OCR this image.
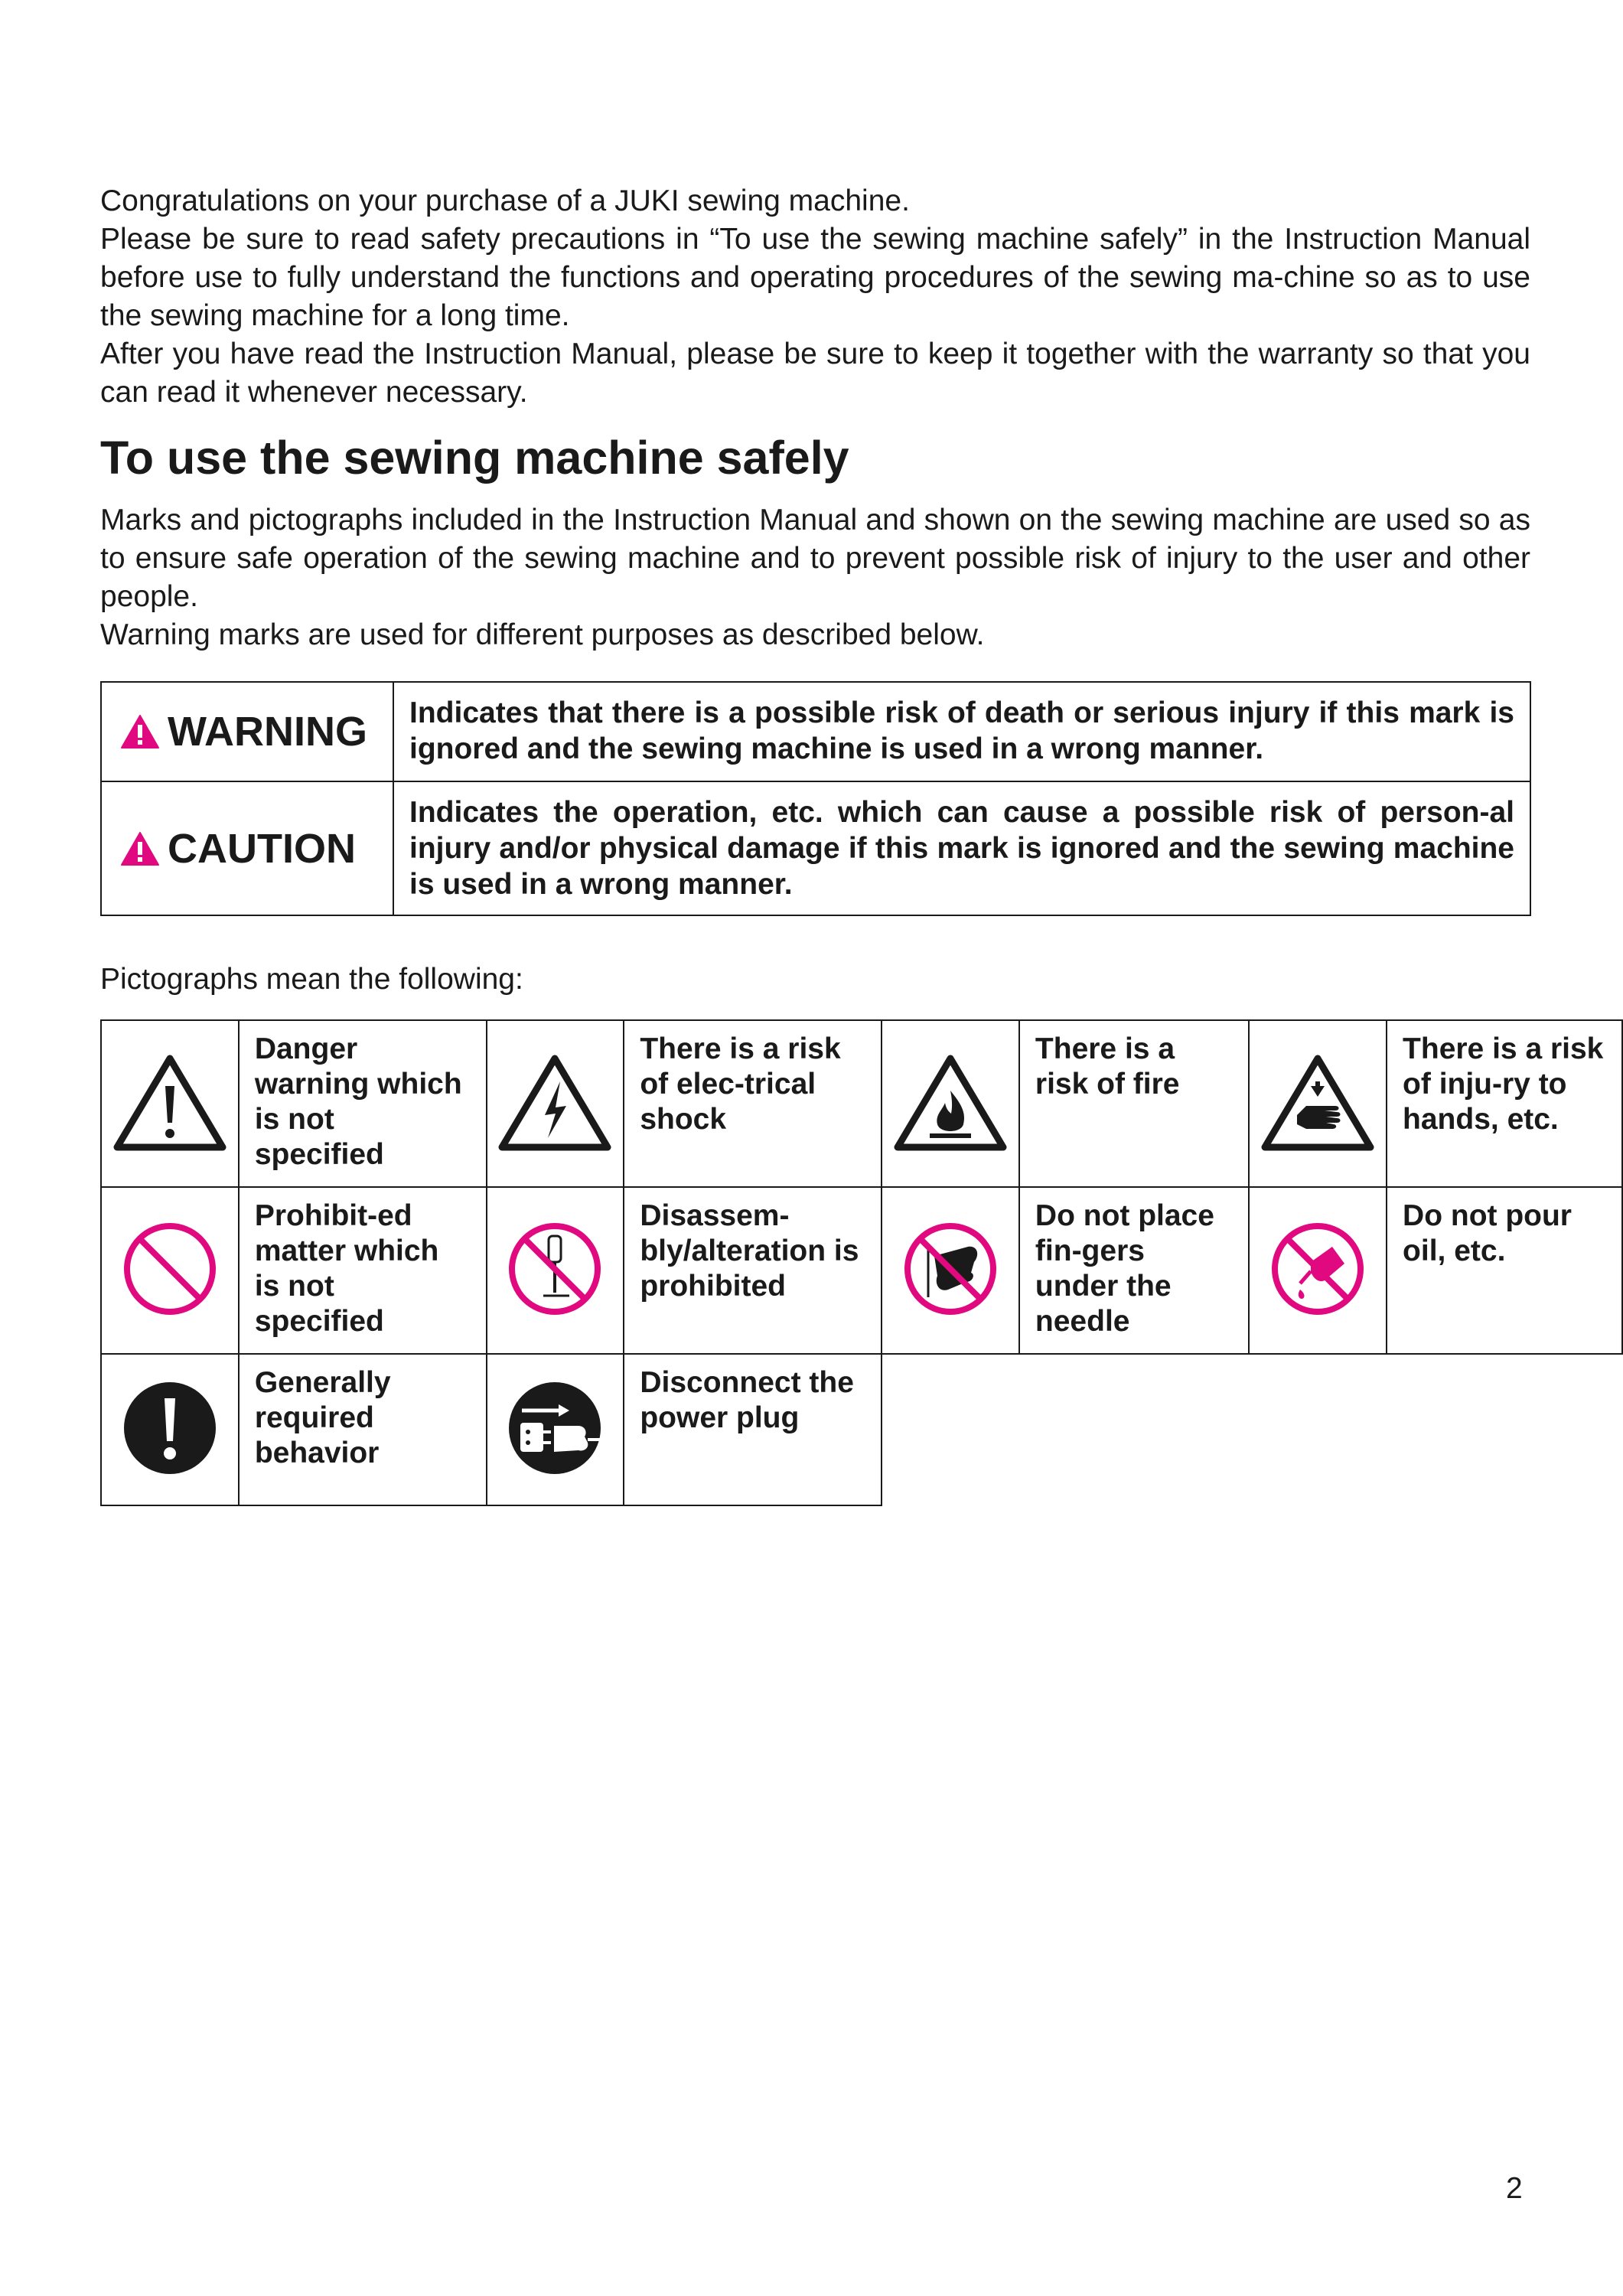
Congratulations on your purchase of a JUKI sewing machine.

Please be sure to read safety precautions in “To use the sewing machine safely” in the Instruction Manual before use to fully understand the functions and operating procedures of the sewing ma-chine so as to use the sewing machine for a long time.

After you have read the Instruction Manual, please be sure to keep it together with the warranty so that you can read it whenever necessary.

To use the sewing machine safely

Marks and pictographs included in the Instruction Manual and shown on the sewing machine are used so as to ensure safe operation of the sewing machine and to prevent possible risk of injury to the user and other people.

Warning marks are used for different purposes as described below.

WARNING	Indicates that there is a possible risk of death or serious injury if this mark is ignored and the sewing machine is used in a wrong manner.

CAUTION	Indicates the operation, etc. which can cause a possible risk of person-al injury and/or physical damage if this mark is ignored and the sewing machine is used in a wrong manner.

Pictographs mean the following:

	Danger warning which is not specified		There is a risk of elec-trical shock		There is a risk of fire		There is a risk of inju-ry to hands, etc.
	Prohibit-ed matter which is not specified		Disassem-bly/alteration is prohibited		Do not place fin-gers under the needle		Do not pour oil, etc.
	Generally required behavior		Disconnect the power plug				

2
